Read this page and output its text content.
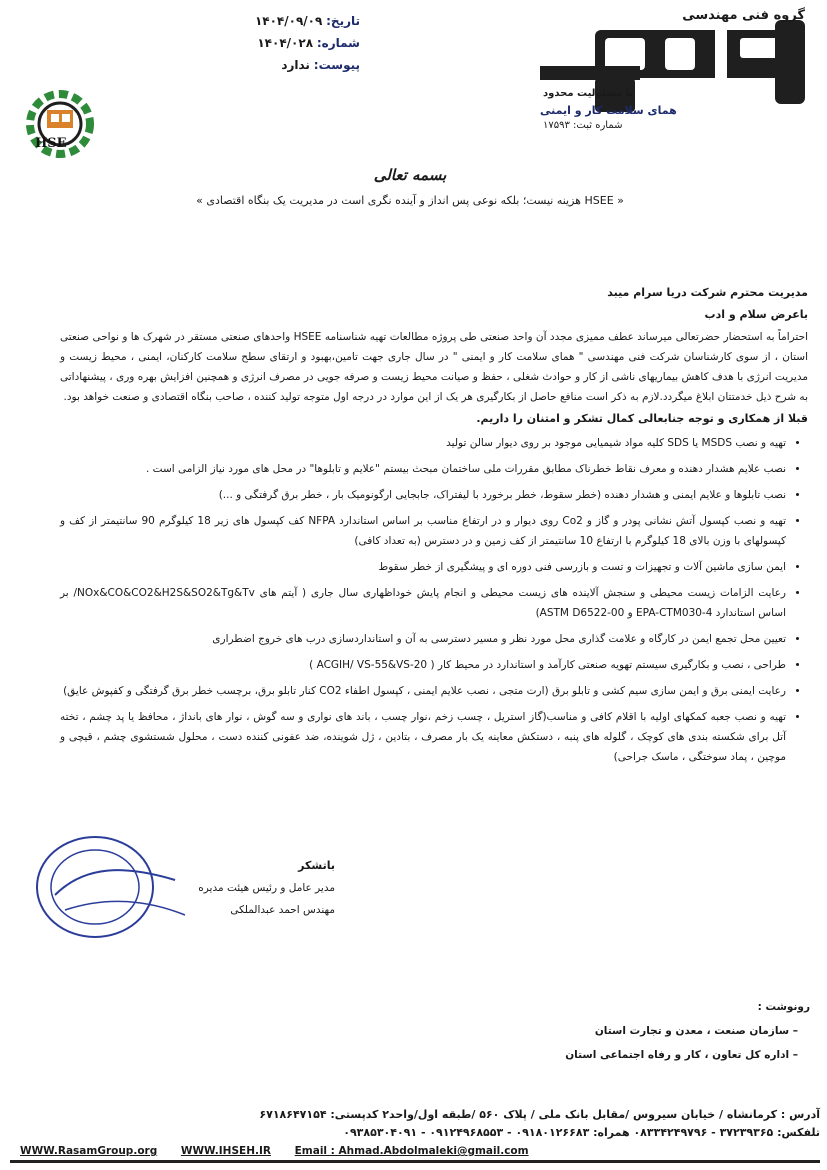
تاریخ: ۱۴۰۴/۰۹/۰۹
شماره: ۱۴۰۴/۰۲۸
پیوست: ندارد
گروه فنی مهندسی
با مسئولیت محدود
همای سلامت کار و ایمنی
شماره ثبت: ۱۷۵۹۳
HSE
بسمه تعالی
« HSEE هزینه نیست؛ بلکه نوعی پس انداز و آینده نگری است در مدیریت یک بنگاه اقتصادی »

مدیریت محترم شرکت دریا سرام میبد

باعرض سلام و ادب

احتراماً به استحضار حضرتعالی میرساند عطف ممیزی مجدد آن واحد صنعتی طی پروژه مطالعات تهیه شناسنامه HSEE واحدهای صنعتی مستقر در شهرک ها و نواحی صنعتی استان ، از سوی کارشناسان شرکت فنی مهندسی " همای سلامت کار و ایمنی " در سال جاری جهت تامین،بهبود و ارتقای سطح سلامت کارکنان، ایمنی ، محیط زیست و مدیریت انرژی با هدف کاهش بیماریهای ناشی از کار و حوادث شغلی ، حفظ و صیانت محیط زیست و صرفه جویی در مصرف انرژی و همچنین افزایش بهره وری ، پیشنهاداتی به شرح ذیل خدمتتان ابلاغ میگردد.لازم به ذکر است منافع حاصل از بکارگیری هر یک از این موارد در درجه اول متوجه تولید کننده ، صاحب بنگاه اقتصادی و صنعت خواهد بود.

قبلا از همکاری و توجه جنابعالی کمال تشکر و امتنان را داریم.

• تهیه و نصب MSDS یا SDS کلیه مواد شیمیایی موجود بر روی دیوار سالن تولید
• نصب علایم هشدار دهنده و معرف نقاط خطرناک مطابق مقررات ملی ساختمان مبحث بیستم "علایم و تابلوها" در محل های مورد نیاز الزامی است .
• نصب تابلوها و علایم ایمنی و هشدار دهنده (خطر سقوط، خطر برخورد با لیفتراک، جابجایی ارگونومیک بار ، خطر برق گرفتگی و ...)
• تهیه و نصب کپسول آتش نشانی پودر و گاز و Co2 روی دیوار و در ارتفاع مناسب بر اساس استاندارد NFPA کف کپسول های زیر 18 کیلوگرم 90 سانتیمتر از کف و کپسولهای با وزن بالای 18 کیلوگرم با ارتفاع 10 سانتیمتر از کف زمین و در دسترس (به تعداد کافی)
• ایمن سازی ماشین آلات و تجهیزات و تست و بازرسی فنی دوره ای و پیشگیری از خطر سقوط
• رعایت الزامات زیست محیطی و سنجش آلاینده های زیست محیطی و انجام پایش خوداظهاری سال جاری ( آیتم های NOx&CO&CO2&H2S&SO2&Tg&Tv/ بر اساس استاندارد EPA-CTM030-4 و ASTM D6522-00)
• تعیین محل تجمع ایمن در کارگاه و علامت گذاری محل مورد نظر و مسیر دسترسی به آن و استانداردسازی درب های خروج اضطراری
• طراحی ، نصب و بکارگیری سیستم تهویه صنعتی کارآمد و استاندارد در محیط کار ( ACGIH/ VS-55&VS-20 )
• رعایت ایمنی برق و ایمن سازی سیم کشی و تابلو برق (ارت متجی ، نصب علایم ایمنی ، کپسول اطفاء CO2 کنار تابلو برق، برچسب خطر برق گرفتگی و کفپوش عایق)
• تهیه و نصب جعبه کمکهای اولیه با اقلام کافی و مناسب(گاز استریل ، چسب زخم ،نوار چسب ، باند های نواری و سه گوش ، نوار های بانداژ ، محافظ یا پد چشم ، تخته آتل برای شکسته بندی های کوچک ، گلوله های پنبه ، دستکش معاینه یک بار مصرف ، بتادین ، ژل شوینده، ضد عفونی کننده دست ، محلول شستشوی چشم ، قیچی و موچین ، پماد سوختگی ، ماسک جراحی)
باتشکر
مدیر عامل و رئیس هیئت مدیره
مهندس احمد عبدالملکی
رونوشت :
– سازمان صنعت ، معدن و تجارت استان
– اداره کل تعاون ، کار و رفاه اجتماعی استان
آدرس : کرمانشاه / خیابان سیروس /مقابل بانک ملی / پلاک ۵۶۰ /طبقه اول/واحد۲ کدپستی: ۶۷۱۸۶۴۷۱۵۴
تلفکس: ۳۷۲۳۹۳۶۵ - ۰۸۳۳۴۲۴۹۷۹۶ همراه: ۰۹۱۸۰۱۲۶۶۸۳ - ۰۹۱۲۴۹۶۸۵۵۳ - ۰۹۳۸۵۳۰۴۰۹۱
WWW.RasamGroup.org WWW.IHSEH.IR Email : Ahmad.Abdolmaleki@gmail.com
